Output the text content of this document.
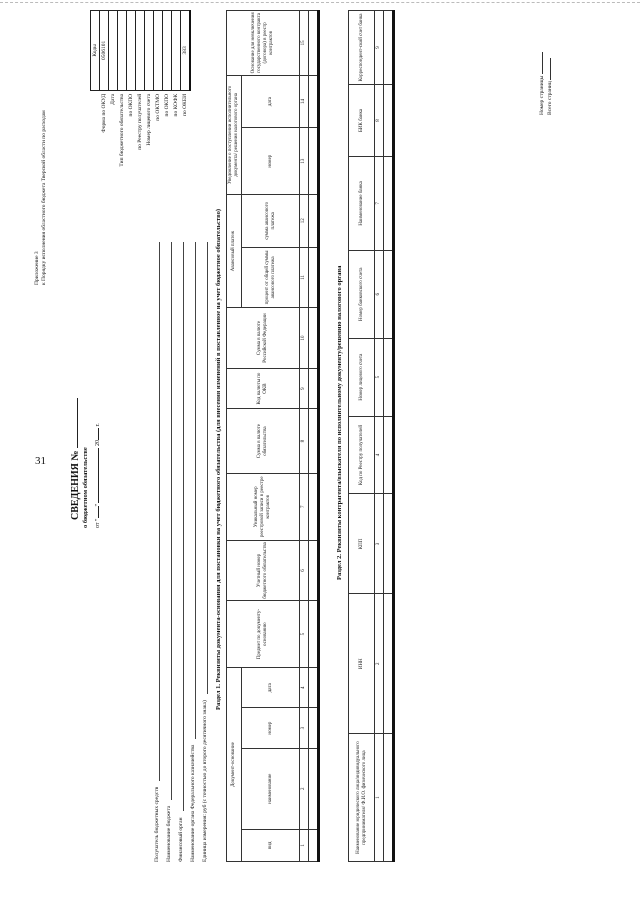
31
Приложение 3 к Порядку исполнения областного бюджета Тверской области по расходам
СВЕДЕНИЯ № о бюджетном обязательстве от ""  20 г.
	Коды
Форма по ОКУД	0506101
Дата	
Тип бюджетного обязательства	
по ОКПО	
по Реестру получателей	
Номер лицевого счета	
по ОКТМО	
по ОКПО	
по КОФК	
по ОКЕИ	383
Получатель бюджетных средств Наименование бюджета Финансовый орган Наименование органа Федерального казначейства Единица измерения: руб (с точностью до второго десятичного знака)
Раздел 1. Реквизиты документа-основания для постановки на учет бюджетного обязательства (для внесения изменений в поставленное на учет бюджетное обязательство)
Документ-основание				Предмет по документу-основанию	Учетный номер бюджетного обязательства	Уникальный номер реестровой записи в реестре контрактов	Сумма в валюте обязательства	Код валюты по ОКВ	Сумма в валюте Российской Федерации	Авансовый платеж		Уведомление о поступлении исполнительного документа/ решения налогового органа		Основание для невключения государственного контракта (договора) в реестр контрактов
вид	наименование	номер	дата							процент от общей суммы авансового платежа	сумма авансового платежа	номер	дата	
1	2	3	4	5	6	7	8	9	10	11	12	13	14	15

Раздел 2. Реквизиты контрагента/взыскателя по исполнительному документу/решению налогового органа
Наименование юридического лица/индивидуального предпринимателя/ Ф.И.О. физического лица	ИНН	КПП	Код по Реестру получателей	Номер лицевого счета	Номер банковского счета	Наименование банка	БИК банка	Корреспондент-ский счет банка
1	2	3	4	5	6	7	8	9

Номер страницы Всего страниц
